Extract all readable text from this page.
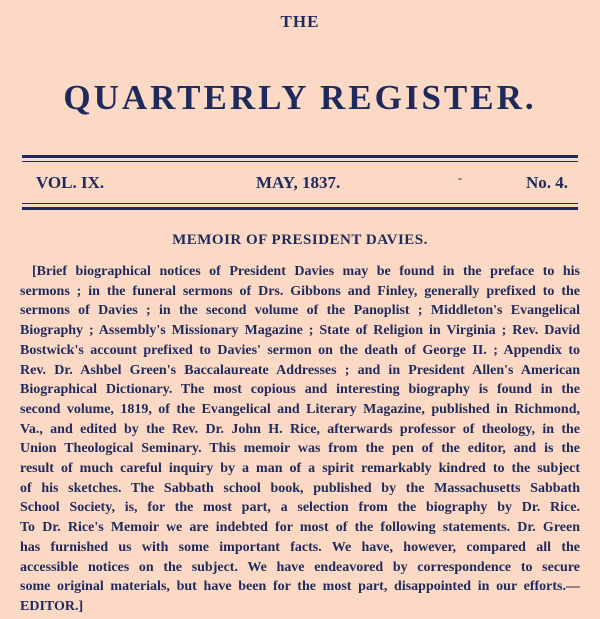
THE
QUARTERLY REGISTER.
VOL. IX.	MAY, 1837.	-	No. 4.
MEMOIR OF PRESIDENT DAVIES.
[Brief biographical notices of President Davies may be found in the preface to his
sermons ; in the funeral sermons of Drs. Gibbons and Finley, generally prefixed to the
sermons of Davies ; in the second volume of the Panoplist ; Middleton's Evangelical
Biography ; Assembly's Missionary Magazine ; State of Religion in Virginia ; Rev. David
Bostwick's account prefixed to Davies' sermon on the death of George II. ; Appendix to
Rev. Dr. Ashbel Green's Baccalaureate Addresses ; and in President Allen's American
Biographical Dictionary. The most copious and interesting biography is found in the
second volume, 1819, of the Evangelical and Literary Magazine, published in Richmond,
Va., and edited by the Rev. Dr. John H. Rice, afterwards professor of theology, in the
Union Theological Seminary. This memoir was from the pen of the editor, and is the
result of much careful inquiry by a man of a spirit remarkably kindred to the subject
of his sketches. The Sabbath school book, published by the Massachusetts Sabbath
School Society, is, for the most part, a selection from the biography by Dr. Rice.
To Dr. Rice's Memoir we are indebted for most of the following statements. Dr. Green
has furnished us with some important facts. We have, however, compared all the
accessible notices on the subject. We have endeavored by correspondence to secure
some original materials, but have been for the most part, disappointed in our efforts.—
EDITOR.]
